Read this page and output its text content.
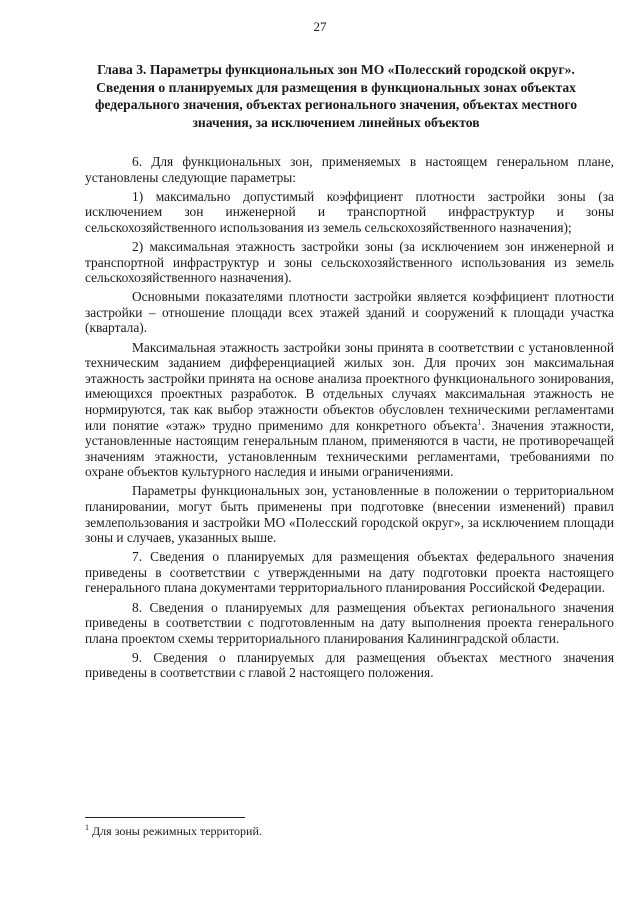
27
Глава 3. Параметры функциональных зон МО «Полесский городской округ». Сведения о планируемых для размещения в функциональных зонах объектах федерального значения, объектах регионального значения, объектах местного значения, за исключением линейных объектов

6. Для функциональных зон, применяемых в настоящем генеральном плане, установлены следующие параметры:

1) максимально допустимый коэффициент плотности застройки зоны (за исключением зон инженерной и транспортной инфраструктур и зоны сельскохозяйственного использования из земель сельскохозяйственного назначения);

2) максимальная этажность застройки зоны (за исключением зон инженерной и транспортной инфраструктур и зоны сельскохозяйственного использования из земель сельскохозяйственного назначения).

Основными показателями плотности застройки является коэффициент плотности застройки – отношение площади всех этажей зданий и сооружений к площади участка (квартала).

Максимальная этажность застройки зоны принята в соответствии с установленной техническим заданием дифференциацией жилых зон. Для прочих зон максимальная этажность застройки принята на основе анализа проектного функционального зонирования, имеющихся проектных разработок. В отдельных случаях максимальная этажность не нормируются, так как выбор этажности объектов обусловлен техническими регламентами или понятие «этаж» трудно применимо для конкретного объекта$^1$. Значения этажности, установленные настоящим генеральным планом, применяются в части, не противоречащей значениям этажности, установленным техническими регламентами, требованиями по охране объектов культурного наследия и иными ограничениями.

Параметры функциональных зон, установленные в положении о территориальном планировании, могут быть применены при подготовке (внесении изменений) правил землепользования и застройки МО «Полесский городской округ», за исключением площади зоны и случаев, указанных выше.

7. Сведения о планируемых для размещения объектах федерального значения приведены в соответствии с утвержденными на дату подготовки проекта настоящего генерального плана документами территориального планирования Российской Федерации.

8. Сведения о планируемых для размещения объектах регионального значения приведены в соответствии с подготовленным на дату выполнения проекта генерального плана проектом схемы территориального планирования Калининградской области.

9. Сведения о планируемых для размещения объектах местного значения приведены в соответствии с главой 2 настоящего положения.

$^1$ Для зоны режимных территорий.
